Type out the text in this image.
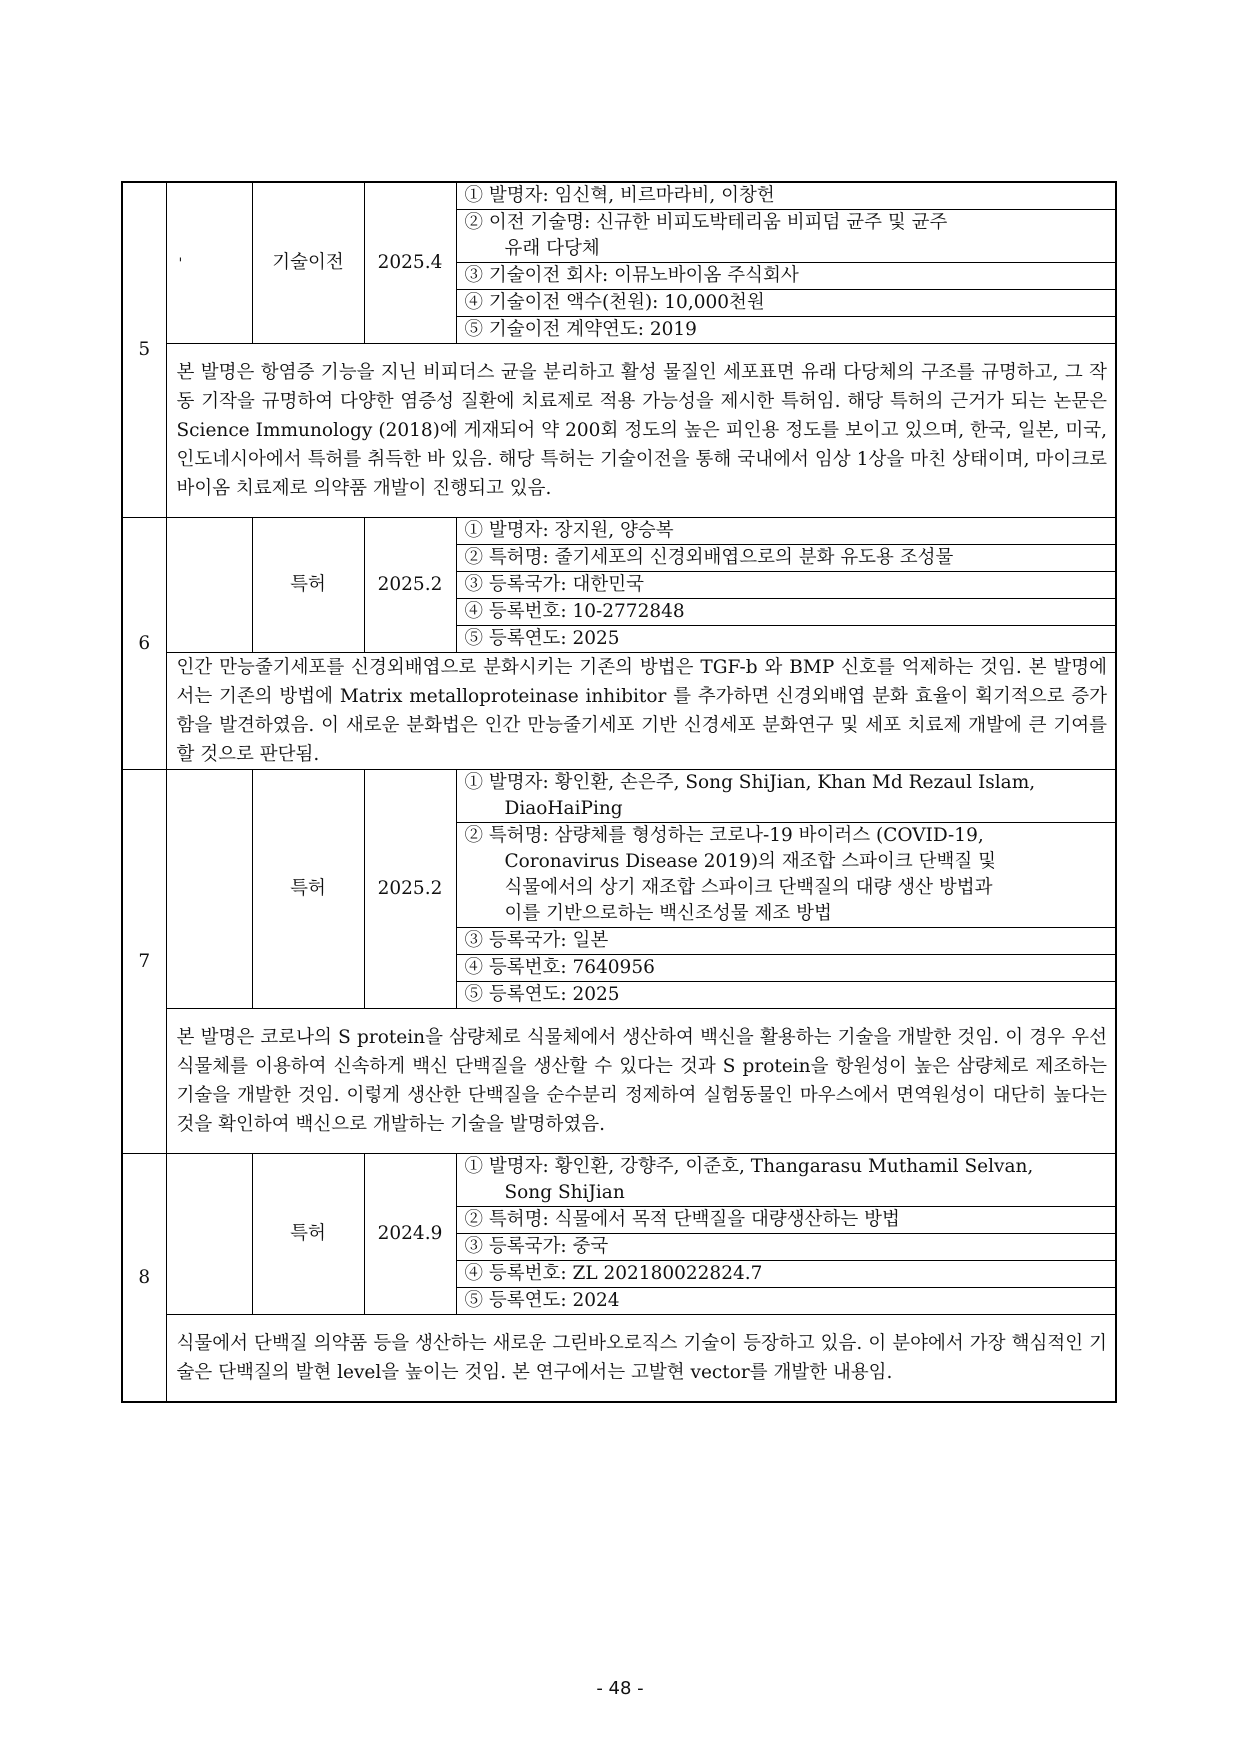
5	'	기술이전	2025.4	① 발명자: 임신혁, 비르마라비, 이창헌

				② 이전 기술명: 신규한 비피도박테리움 비피덤 균주 및 균주
유래 다당체

				③ 기술이전 회사: 이뮤노바이옴 주식회사

				④ 기술이전 액수(천원): 10,000천원

				⑤ 기술이전 계약연도: 2019

	본 발명은 항염증 기능을 지닌 비피더스 균을 분리하고 활성 물질인 세포표면 유래 다당체의 구조를 규명하고, 그 작동 기작을 규명하여 다양한 염증성 질환에 치료제로 적용 가능성을 제시한 특허임. 해당 특허의 근거가 되는 논문은 Science Immunology (2018)에 게재되어 약 200회 정도의 높은 피인용 정도를 보이고 있으며, 한국, 일본, 미국, 인도네시아에서 특허를 취득한 바 있음. 해당 특허는 기술이전을 통해 국내에서 임상 1상을 마친 상태이며, 마이크로바이옴 치료제로 의약품 개발이 진행되고 있음.			

6		특허	2025.2	① 발명자: 장지원, 양승복

				② 특허명: 줄기세포의 신경외배엽으로의 분화 유도용 조성물

				③ 등록국가: 대한민국

				④ 등록번호: 10-2772848

				⑤ 등록연도: 2025

	인간 만능줄기세포를 신경외배엽으로 분화시키는 기존의 방법은 TGF-b 와 BMP 신호를 억제하는 것임. 본 발명에서는 기존의 방법에 Matrix metalloproteinase inhibitor 를 추가하면 신경외배엽 분화 효율이 획기적으로 증가함을 발견하였음. 이 새로운 분화법은 인간 만능줄기세포 기반 신경세포 분화연구 및 세포 치료제 개발에 큰 기여를 할 것으로 판단됨.			

7		특허	2025.2	① 발명자: 황인환, 손은주, Song ShiJian, Khan Md Rezaul Islam,
DiaoHaiPing

				② 특허명: 삼량체를 형성하는 코로나-19 바이러스 (COVID-19,
Coronavirus Disease 2019)의 재조합 스파이크 단백질 및
식물에서의 상기 재조합 스파이크 단백질의 대량 생산 방법과
이를 기반으로하는 백신조성물 제조 방법

				③ 등록국가: 일본

				④ 등록번호: 7640956

				⑤ 등록연도: 2025

	본 발명은 코로나의 S protein을 삼량체로 식물체에서 생산하여 백신을 활용하는 기술을 개발한 것임. 이 경우 우선 식물체를 이용하여 신속하게 백신 단백질을 생산할 수 있다는 것과 S protein을 항원성이 높은 삼량체로 제조하는 기술을 개발한 것임. 이렇게 생산한 단백질을 순수분리 정제하여 실험동물인 마우스에서 면역원성이 대단히 높다는 것을 확인하여 백신으로 개발하는 기술을 발명하였음.			

8		특허	2024.9	① 발명자: 황인환, 강향주, 이준호, Thangarasu Muthamil Selvan,
Song ShiJian

				② 특허명: 식물에서 목적 단백질을 대량생산하는 방법

				③ 등록국가: 중국

				④ 등록번호: ZL 202180022824.7

				⑤ 등록연도: 2024

	식물에서 단백질 의약품 등을 생산하는 새로운 그린바오로직스 기술이 등장하고 있음. 이 분야에서 가장 핵심적인 기술은 단백질의 발현 level을 높이는 것임. 본 연구에서는 고발현 vector를 개발한 내용임.			

- 48 -
